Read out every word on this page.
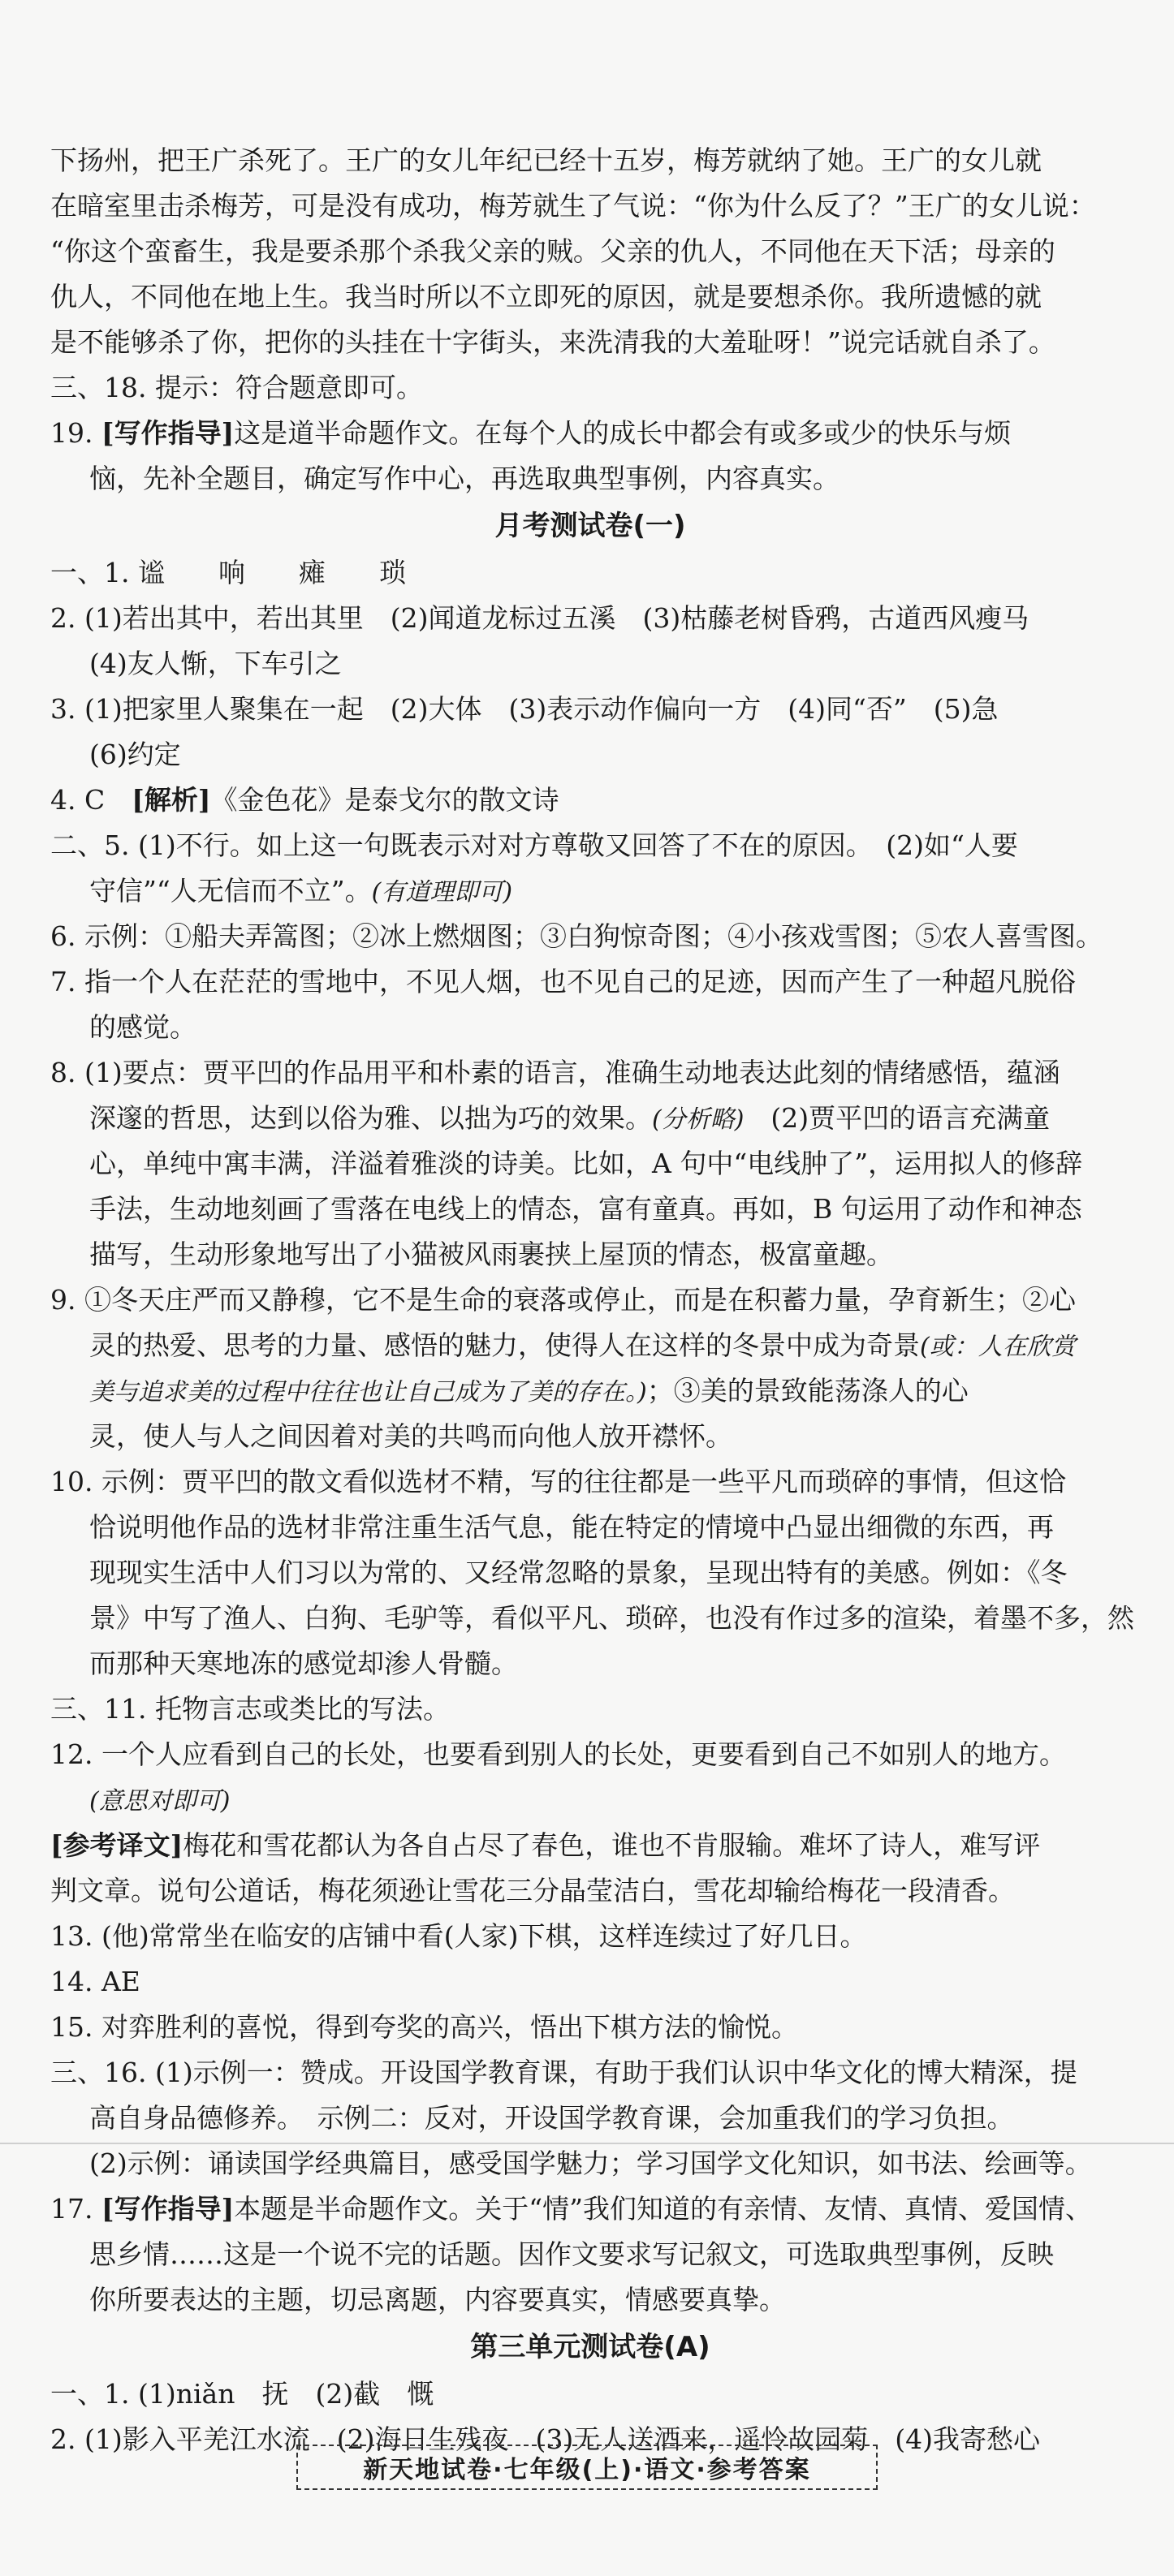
下扬州，把王广杀死了。王广的女儿年纪已经十五岁，梅芳就纳了她。王广的女儿就
在暗室里击杀梅芳，可是没有成功，梅芳就生了气说：“你为什么反了？”王广的女儿说：
“你这个蛮畜生，我是要杀那个杀我父亲的贼。父亲的仇人，不同他在天下活；母亲的
仇人，不同他在地上生。我当时所以不立即死的原因，就是要想杀你。我所遗憾的就
是不能够杀了你，把你的头挂在十字街头，来洗清我的大羞耻呀！”说完话就自杀了。
三、18. 提示：符合题意即可。
19. [写作指导]这是道半命题作文。在每个人的成长中都会有或多或少的快乐与烦
恼，先补全题目，确定写作中心，再选取典型事例，内容真实。
月考测试卷(一)
一、1. 谧　　响　　瘫　　琐
2. (1)若出其中，若出其里　(2)闻道龙标过五溪　(3)枯藤老树昏鸦，古道西风瘦马
(4)友人惭，下车引之
3. (1)把家里人聚集在一起　(2)大体　(3)表示动作偏向一方　(4)同“否”　(5)急
(6)约定
4. C　[解析]《金色花》是泰戈尔的散文诗
二、5. (1)不行。如上这一句既表示对对方尊敬又回答了不在的原因。　(2)如“人要
守信”“人无信而不立”。(有道理即可)
6. 示例：①船夫弄篙图；②冰上燃烟图；③白狗惊奇图；④小孩戏雪图；⑤农人喜雪图。
7. 指一个人在茫茫的雪地中，不见人烟，也不见自己的足迹，因而产生了一种超凡脱俗
的感觉。
8. (1)要点：贾平凹的作品用平和朴素的语言，准确生动地表达此刻的情绪感悟，蕴涵
深邃的哲思，达到以俗为雅、以拙为巧的效果。(分析略)　(2)贾平凹的语言充满童
心，单纯中寓丰满，洋溢着雅淡的诗美。比如，A 句中“电线肿了”，运用拟人的修辞
手法，生动地刻画了雪落在电线上的情态，富有童真。再如，B 句运用了动作和神态
描写，生动形象地写出了小猫被风雨裹挟上屋顶的情态，极富童趣。
9. ①冬天庄严而又静穆，它不是生命的衰落或停止，而是在积蓄力量，孕育新生；②心
灵的热爱、思考的力量、感悟的魅力，使得人在这样的冬景中成为奇景(或：人在欣赏
美与追求美的过程中往往也让自己成为了美的存在。)；③美的景致能荡涤人的心
灵，使人与人之间因着对美的共鸣而向他人放开襟怀。
10. 示例：贾平凹的散文看似选材不精，写的往往都是一些平凡而琐碎的事情，但这恰
恰说明他作品的选材非常注重生活气息，能在特定的情境中凸显出细微的东西，再
现现实生活中人们习以为常的、又经常忽略的景象，呈现出特有的美感。例如：《冬
景》中写了渔人、白狗、毛驴等，看似平凡、琐碎，也没有作过多的渲染，着墨不多，然
而那种天寒地冻的感觉却渗人骨髓。
三、11. 托物言志或类比的写法。
12. 一个人应看到自己的长处，也要看到别人的长处，更要看到自己不如别人的地方。
(意思对即可)
[参考译文]梅花和雪花都认为各自占尽了春色，谁也不肯服输。难坏了诗人，难写评
判文章。说句公道话，梅花须逊让雪花三分晶莹洁白，雪花却输给梅花一段清香。
13. (他)常常坐在临安的店铺中看(人家)下棋，这样连续过了好几日。
14. AE
15. 对弈胜利的喜悦，得到夸奖的高兴，悟出下棋方法的愉悦。
三、16. (1)示例一：赞成。开设国学教育课，有助于我们认识中华文化的博大精深，提
高自身品德修养。　示例二：反对，开设国学教育课，会加重我们的学习负担。
(2)示例：诵读国学经典篇目，感受国学魅力；学习国学文化知识，如书法、绘画等。
17. [写作指导]本题是半命题作文。关于“情”我们知道的有亲情、友情、真情、爱国情、
思乡情……这是一个说不完的话题。因作文要求写记叙文，可选取典型事例，反映
你所要表达的主题，切忌离题，内容要真实，情感要真挚。
第三单元测试卷(A)
一、1. (1)niǎn　抚　(2)截　慨
2. (1)影入平羌江水流　(2)海日生残夜　(3)无人送酒来，遥怜故园菊　(4)我寄愁心
新天地试卷·七年级(上)·语文·参考答案
